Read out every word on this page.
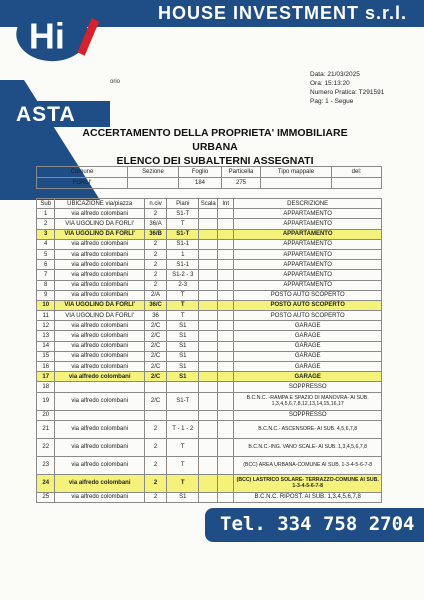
HOUSE INVESTMENT s.r.l.
Hi
ASTA
orio
Data: 21/03/2025
Ora: 15:13:20
Numero Pratica: T291591
Pag: 1 - Segue
ACCERTAMENTO DELLA PROPRIETA' IMMOBILIARE URBANA
ELENCO DEI SUBALTERNI ASSEGNATI
Comune	Sezione	Foglio	Particella	Tipo mappale	del:
FORLI'		184	275		
Sub	UBICAZIONE via/piazza	n.civ	Piani	Scala	Int	DESCRIZIONE
1	via alfredo colombani	2	S1-T			APPARTAMENTO
2	VIA UGOLINO DA FORLI'	36/A	T			APPARTAMENTO
3	VIA UGOLINO DA FORLI'	36/B	S1-T			APPARTAMENTO
4	via alfredo colombani	2	S1-1			APPARTAMENTO
5	via alfredo colombani	2	1			APPARTAMENTO
6	via alfredo colombani	2	S1-1			APPARTAMENTO
7	via alfredo colombani	2	S1-2 - 3			APPARTAMENTO
8	via alfredo colombani	2	2-3			APPARTAMENTO
9	via alfredo colombani	2/A	T			POSTO AUTO SCOPERTO
10	VIA UGOLINO DA FORLI'	36/C	T			POSTO AUTO SCOPERTO
11	VIA UGOLINO DA FORLI'	36	T			POSTO AUTO SCOPERTO
12	via alfredo colombani	2/C	S1			GARAGE
13	via alfredo colombani	2/C	S1			GARAGE
14	via alfredo colombani	2/C	S1			GARAGE
15	via alfredo colombani	2/C	S1			GARAGE
16	via alfredo colombani	2/C	S1			GARAGE
17	via alfredo colombani	2/C	S1			GARAGE
18						SOPPRESSO
19	via alfredo colombani	2/C	S1-T			B.C.N.C. -RAMPA E SPAZIO DI MANOVRA- AI SUB. 1,3,4,5,6,7,8,12,13,14,15,16,17
20						SOPPRESSO
21	via alfredo colombani	2	T - 1 - 2			B.C.N.C.- ASCENSORE- AI SUB. 4,5,6,7,8
22	via alfredo colombani	2	T			B.C.N.C.-ING. VANO SCALE- AI SUB. 1,3,4,5,6,7,8
23	via alfredo colombani	2	T			(BCC) AREA URBANA-COMUNE AI SUB. 1-3-4-5-6-7-8
24	via alfredo colombani	2	T			(BCC) LASTRICO SOLARE- TERRAZZO-COMUNE AI SUB. 1-3-4-5-6-7-8
25	via alfredo colombani	2	S1			B.C.N.C. RIPOST. AI SUB. 1,3,4,5,6,7,8
Tel. 334 758 2704
